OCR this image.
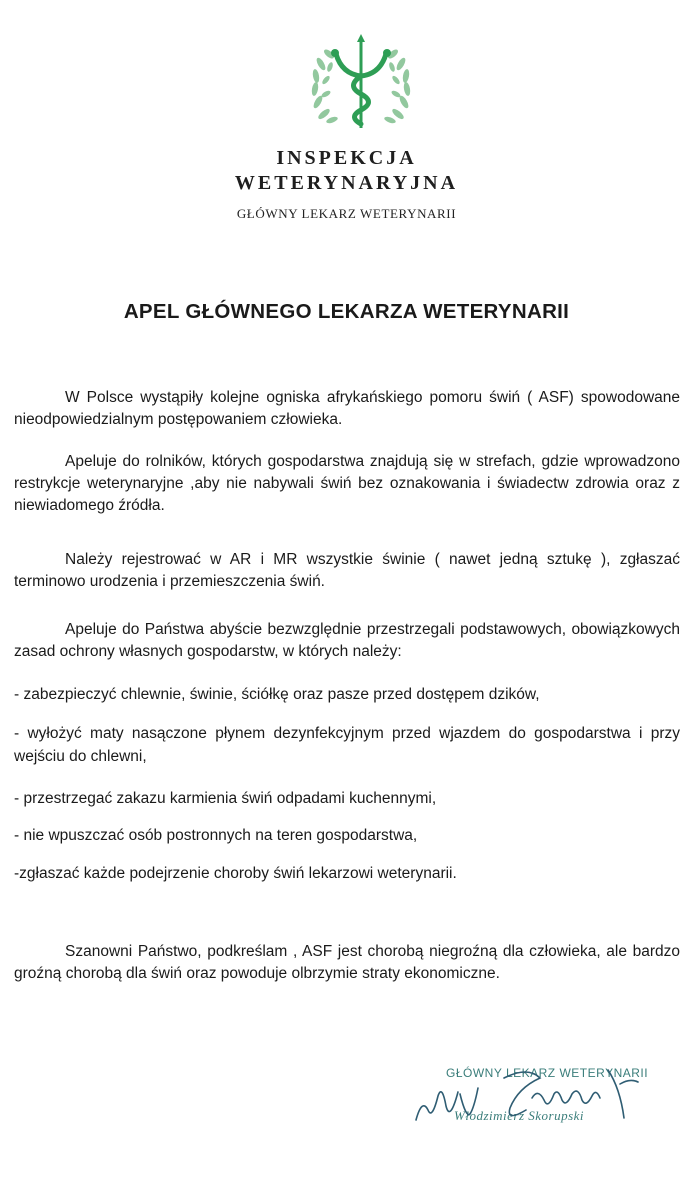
INSPEKCJA
WETERYNARYJNA
GŁÓWNY LEKARZ WETERYNARII
APEL GŁÓWNEGO LEKARZA WETERYNARII

W Polsce wystąpiły kolejne ogniska afrykańskiego pomoru świń ( ASF) spowodowane nieodpowiedzialnym postępowaniem człowieka.

Apeluje do rolników, których gospodarstwa znajdują się w strefach, gdzie wprowadzono restrykcje weterynaryjne ,aby nie nabywali świń bez oznakowania i świadectw zdrowia oraz z niewiadomego źródła.

Należy rejestrować w AR i MR wszystkie świnie ( nawet jedną sztukę ), zgłaszać terminowo urodzenia i przemieszczenia świń.

Apeluje do Państwa abyście bezwzględnie przestrzegali podstawowych, obowiązkowych zasad ochrony własnych gospodarstw, w których należy:

- zabezpieczyć chlewnie, świnie, ściółkę oraz pasze przed dostępem dzików,

- wyłożyć maty nasączone płynem dezynfekcyjnym przed wjazdem do gospodarstwa i przy wejściu do chlewni,

- przestrzegać zakazu karmienia świń odpadami kuchennymi,

- nie wpuszczać osób postronnych na teren gospodarstwa,

-zgłaszać każde podejrzenie choroby świń lekarzowi weterynarii.

Szanowni Państwo, podkreślam , ASF jest chorobą niegroźną dla człowieka, ale bardzo groźną chorobą dla świń oraz powoduje olbrzymie straty ekonomiczne.

GŁÓWNY LEKARZ WETERYNARII
Włodzimierz Skorupski
